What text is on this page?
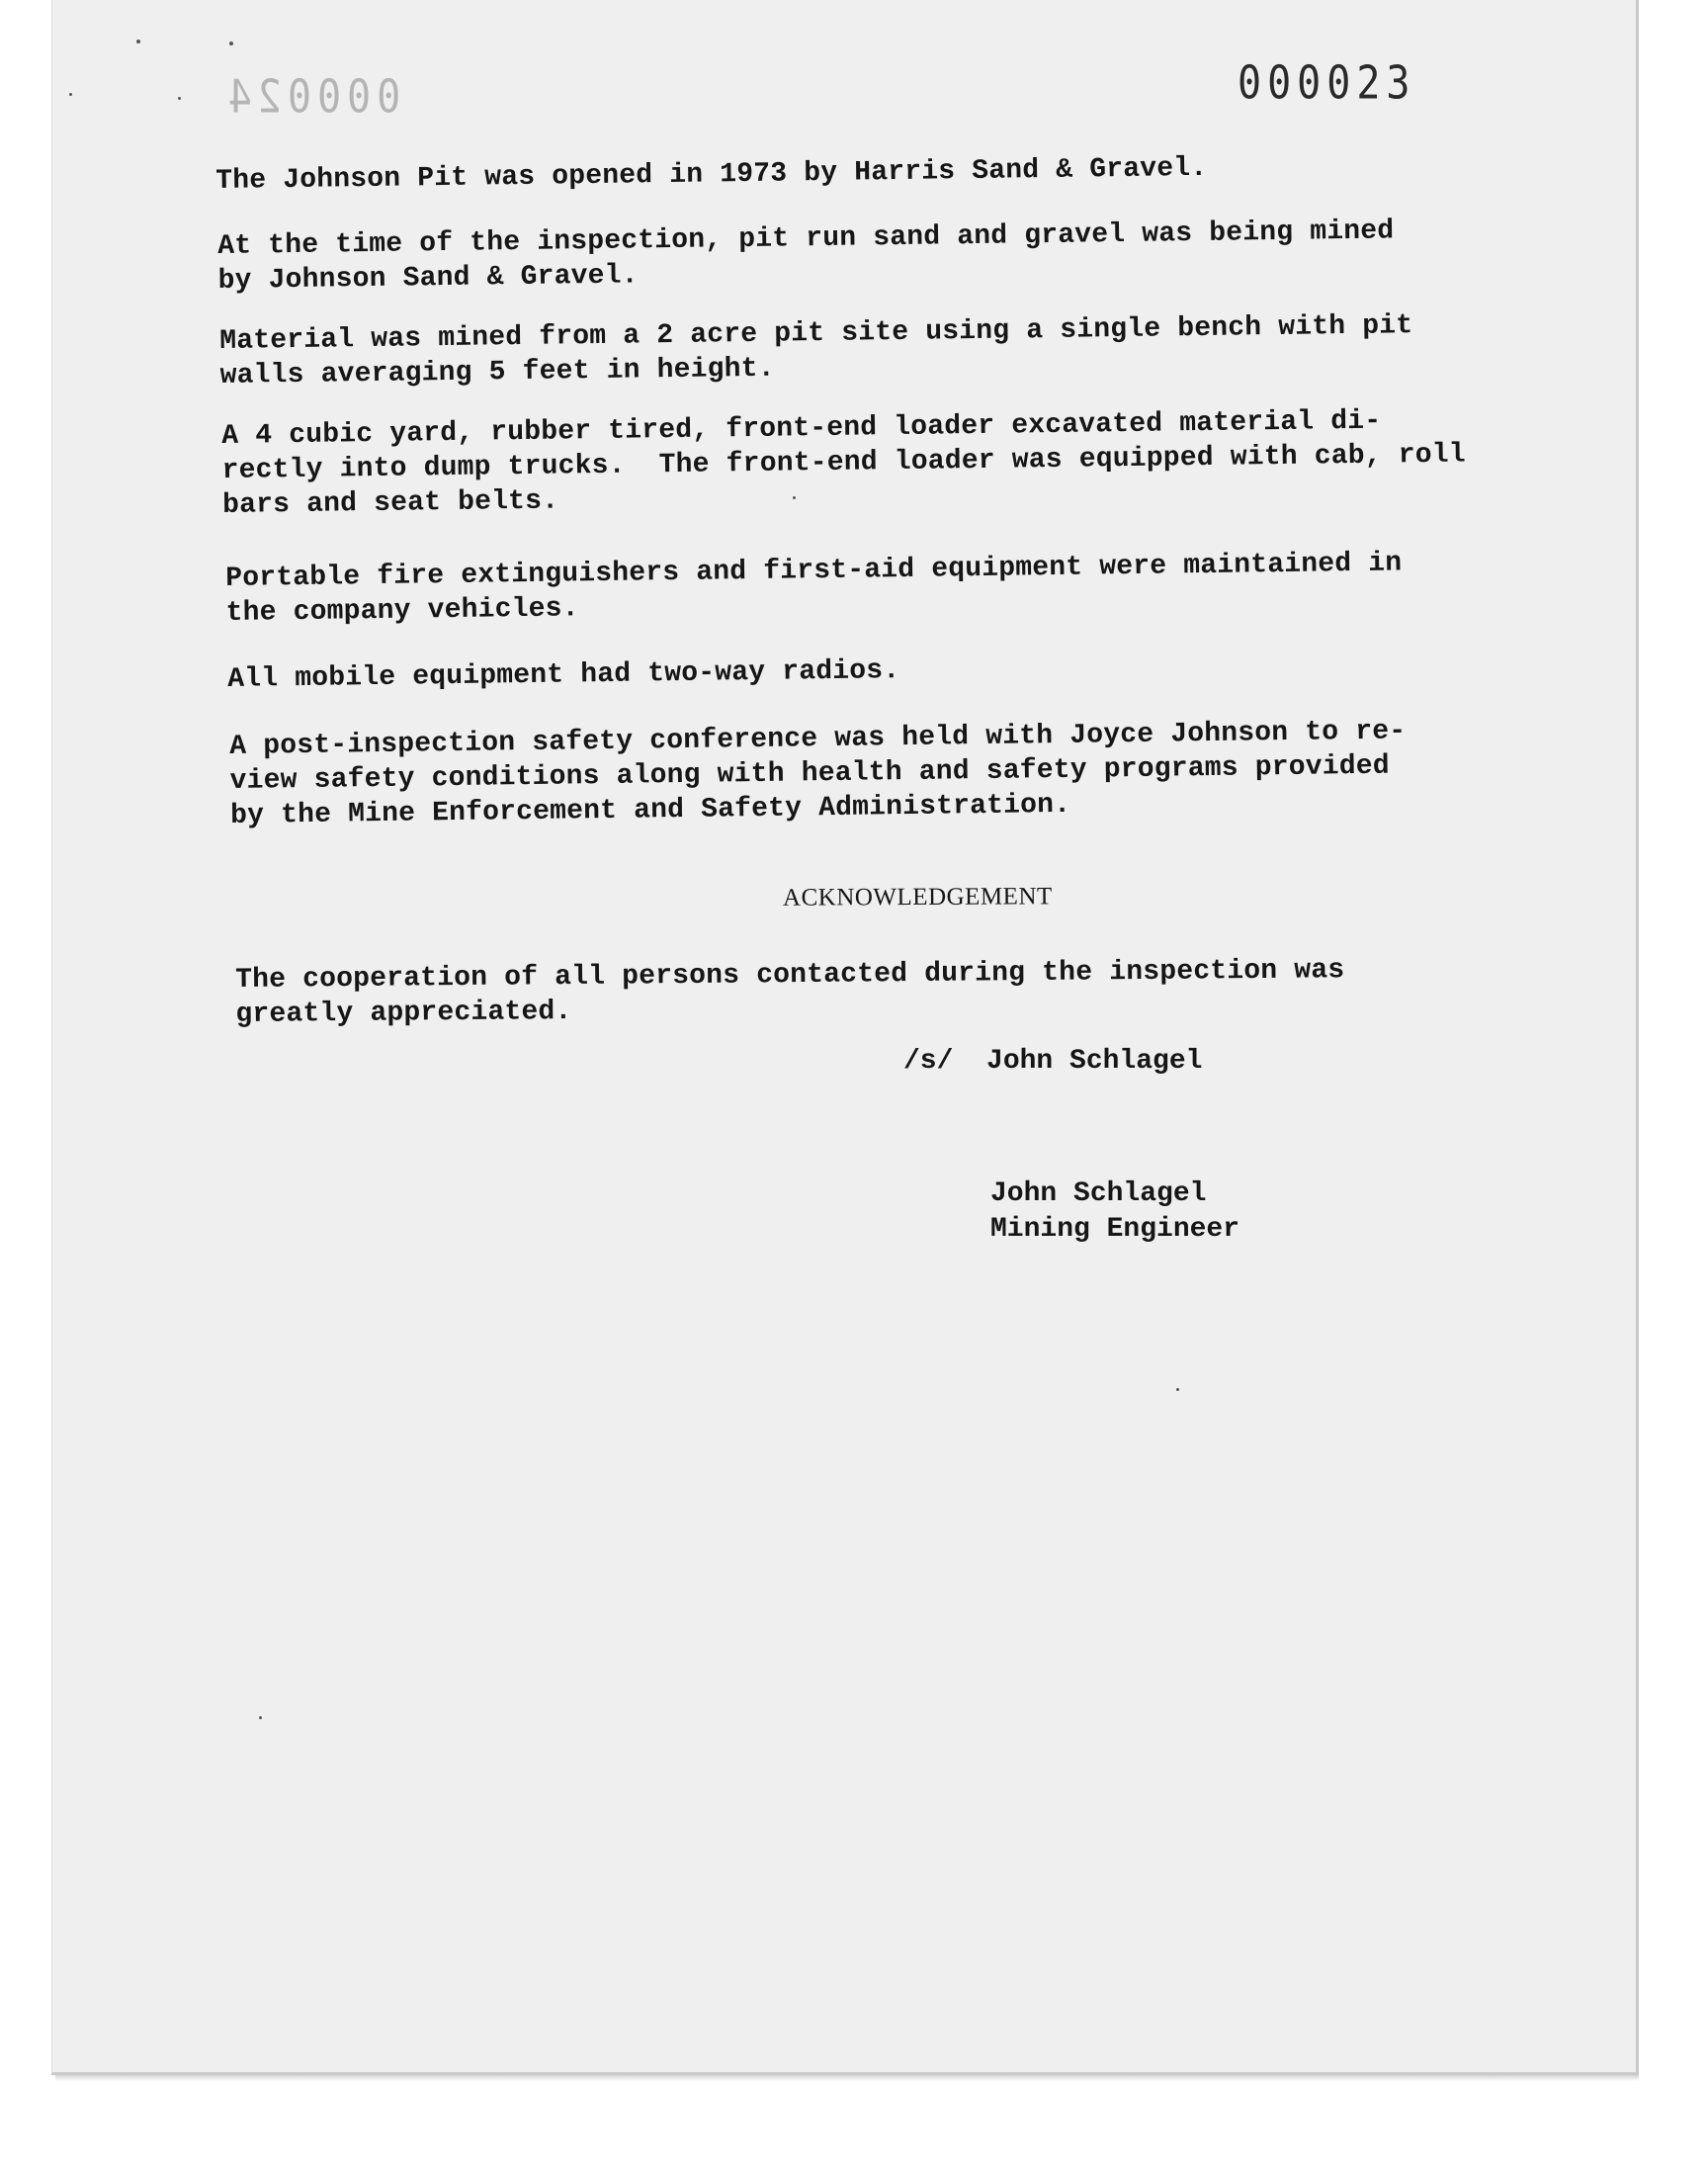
000024	000023

The Johnson Pit was opened in 1973 by Harris Sand & Gravel.

At the time of the inspection, pit run sand and gravel was being mined
by Johnson Sand & Gravel.

Material was mined from a 2 acre pit site using a single bench with pit
walls averaging 5 feet in height.

A 4 cubic yard, rubber tired, front-end loader excavated material di-
rectly into dump trucks.  The front-end loader was equipped with cab, roll
bars and seat belts.

Portable fire extinguishers and first-aid equipment were maintained in
the company vehicles.

All mobile equipment had two-way radios.

A post-inspection safety conference was held with Joyce Johnson to re-
view safety conditions along with health and safety programs provided
by the Mine Enforcement and Safety Administration.

ACKNOWLEDGEMENT

The cooperation of all persons contacted during the inspection was
greatly appreciated.

/s/  John Schlagel
John Schlagel
Mining Engineer
